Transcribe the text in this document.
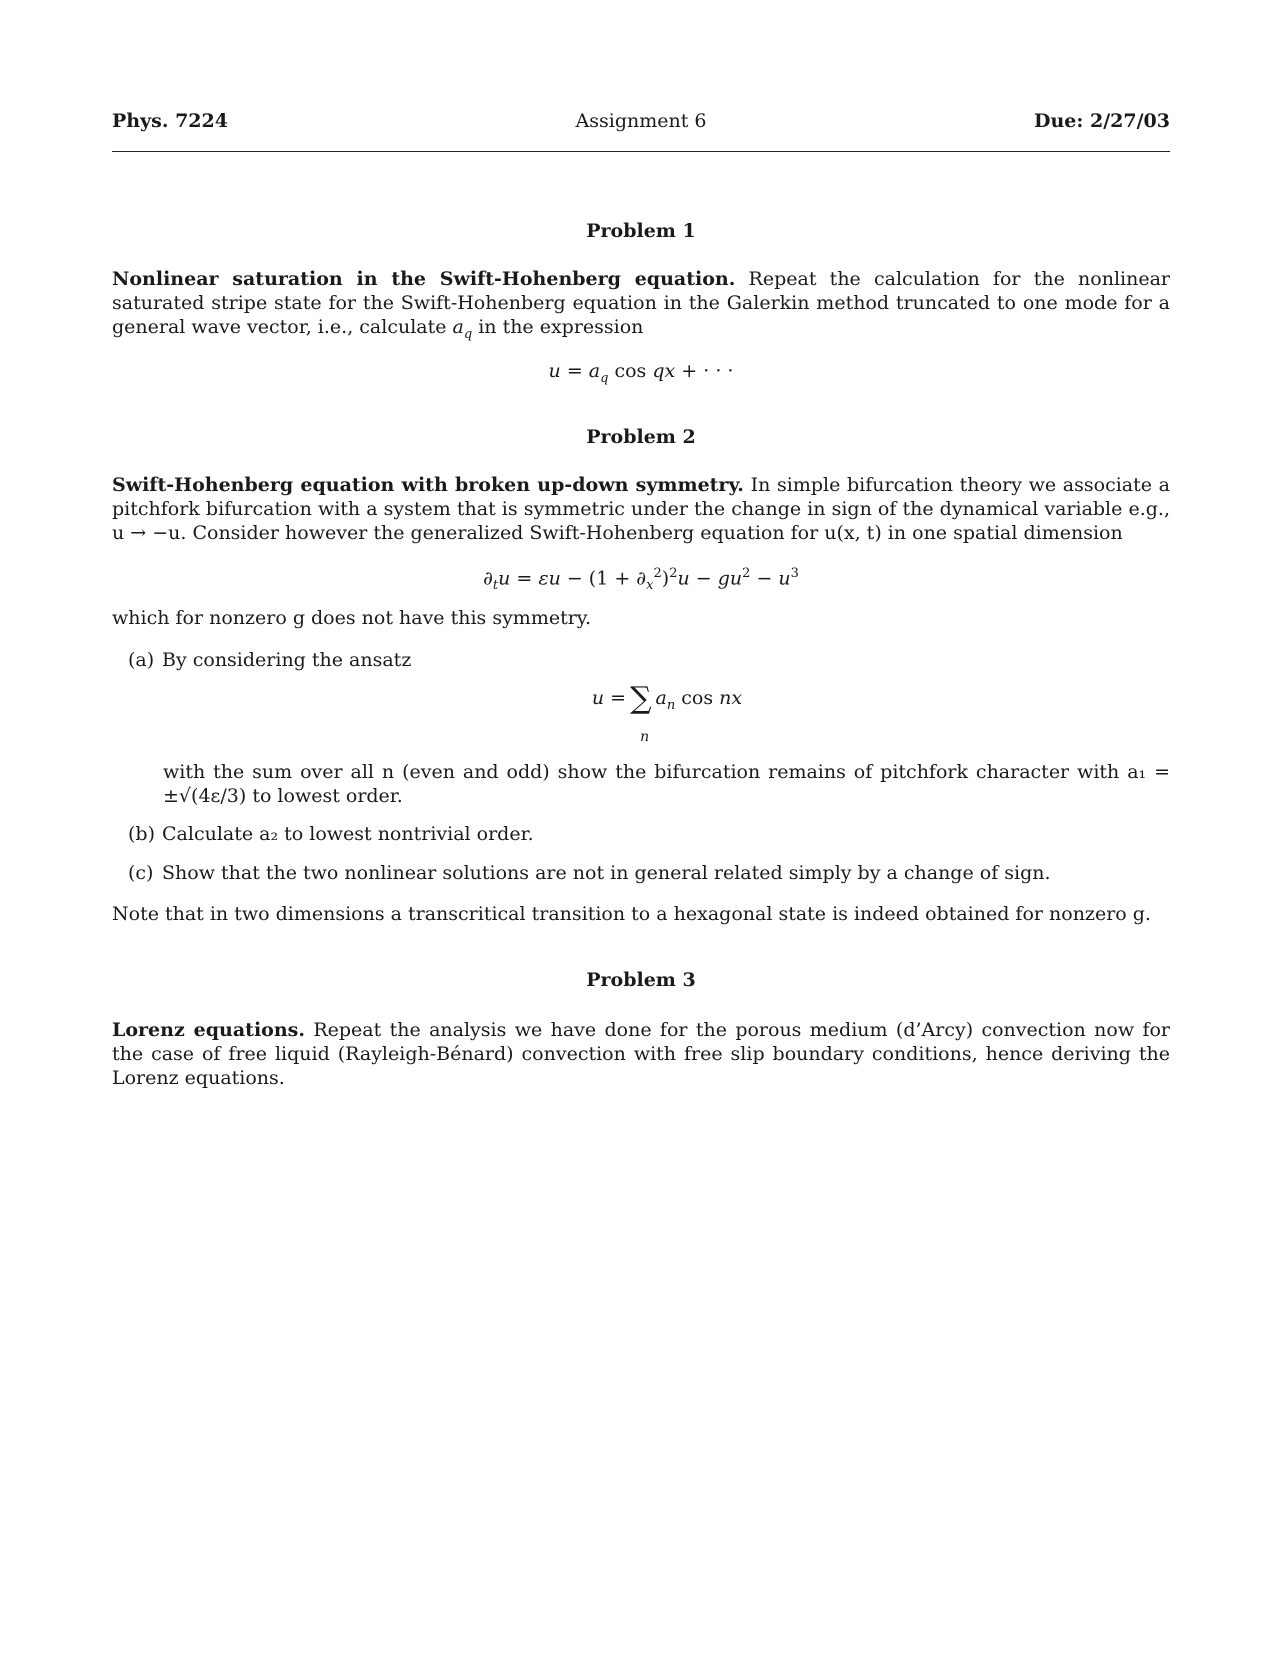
Phys. 7224	Assignment 6	Due: 2/27/03
Problem 1
Nonlinear saturation in the Swift-Hohenberg equation. Repeat the calculation for the nonlinear saturated stripe state for the Swift-Hohenberg equation in the Galerkin method truncated to one mode for a general wave vector, i.e., calculate $a_q$ in the expression
$u = a_q$ cos qx + · · ·
Problem 2
Swift-Hohenberg equation with broken up-down symmetry. In simple bifurcation theory we associate a pitchfork bifurcation with a system that is symmetric under the change in sign of the dynamical variable e.g., u → −u. Consider however the generalized Swift-Hohenberg equation for u(x, t) in one spatial dimension
$\partial_tu = \varepsilon u - (1 + \partial_x^2)^2u - gu^2 - u^3$
which for nonzero g does not have this symmetry.
(a) By considering the ansatz
u = ∑
n
$a_n$ cos nx
with the sum over all n (even and odd) show the bifurcation remains of pitchfork character with a₁ = ±√(4ε/3) to lowest order.
(b) Calculate a₂ to lowest nontrivial order.
(c) Show that the two nonlinear solutions are not in general related simply by a change of sign.
Note that in two dimensions a transcritical transition to a hexagonal state is indeed obtained for nonzero g.
Problem 3
Lorenz equations. Repeat the analysis we have done for the porous medium (d’Arcy) convection now for the case of free liquid (Rayleigh-Bénard) convection with free slip boundary conditions, hence deriving the Lorenz equations.
